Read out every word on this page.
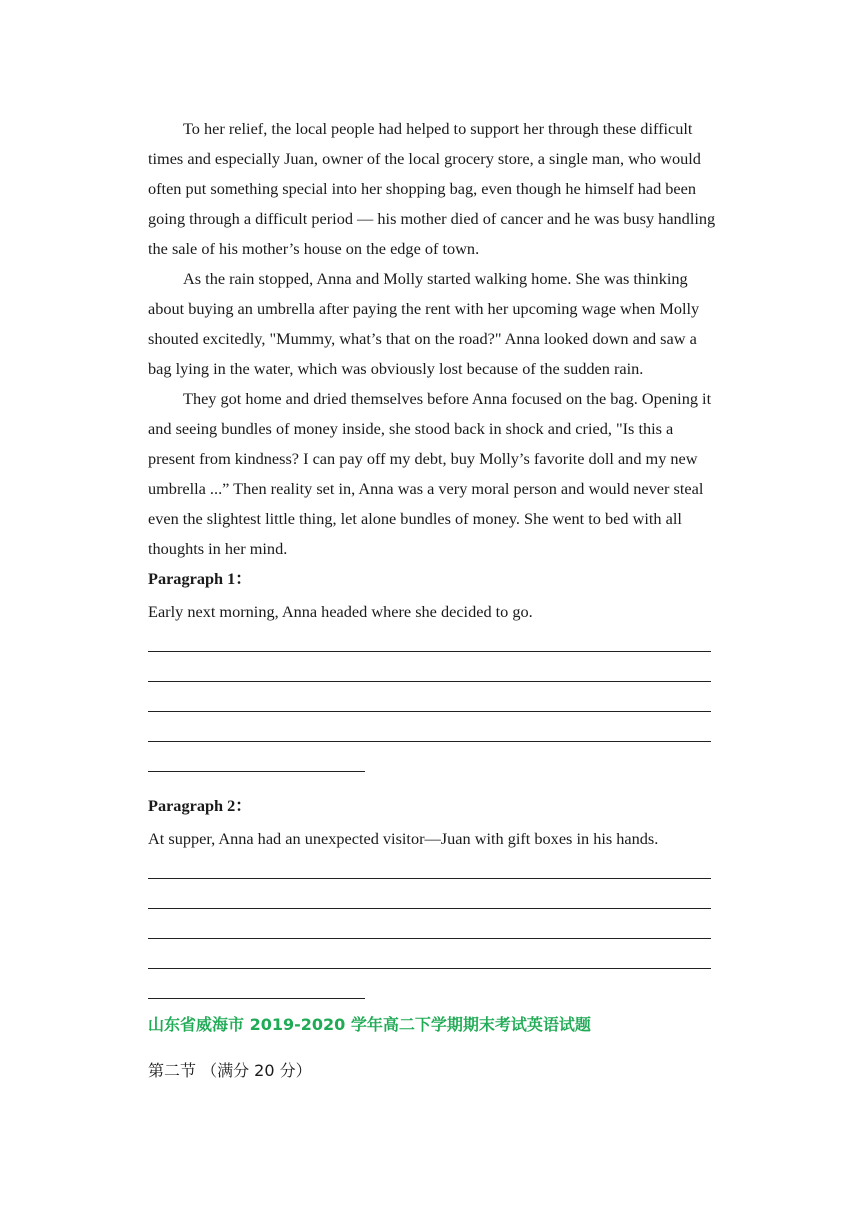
To her relief, the local people had helped to support her through these difficult times and especially Juan, owner of the local grocery store, a single man, who would often put something special into her shopping bag, even though he himself had been going through a difficult period — his mother died of cancer and he was busy handling the sale of his mother’s house on the edge of town.

As the rain stopped, Anna and Molly started walking home. She was thinking about buying an umbrella after paying the rent with her upcoming wage when Molly shouted excitedly, "Mummy, what’s that on the road?" Anna looked down and saw a bag lying in the water, which was obviously lost because of the sudden rain.

They got home and dried themselves before Anna focused on the bag. Opening it and seeing bundles of money inside, she stood back in shock and cried, "Is this a present from kindness? I can pay off my debt, buy Molly’s favorite doll and my new umbrella ...” Then reality set in, Anna was a very moral person and would never steal even the slightest little thing, let alone bundles of money. She went to bed with all thoughts in her mind.

Paragraph 1：
Early next morning, Anna headed where she decided to go.
Paragraph 2：
At supper, Anna had an unexpected visitor—Juan with gift boxes in his hands.
山东省威海市 2019-2020 学年高二下学期期末考试英语试题
第二节 （满分 20 分）
